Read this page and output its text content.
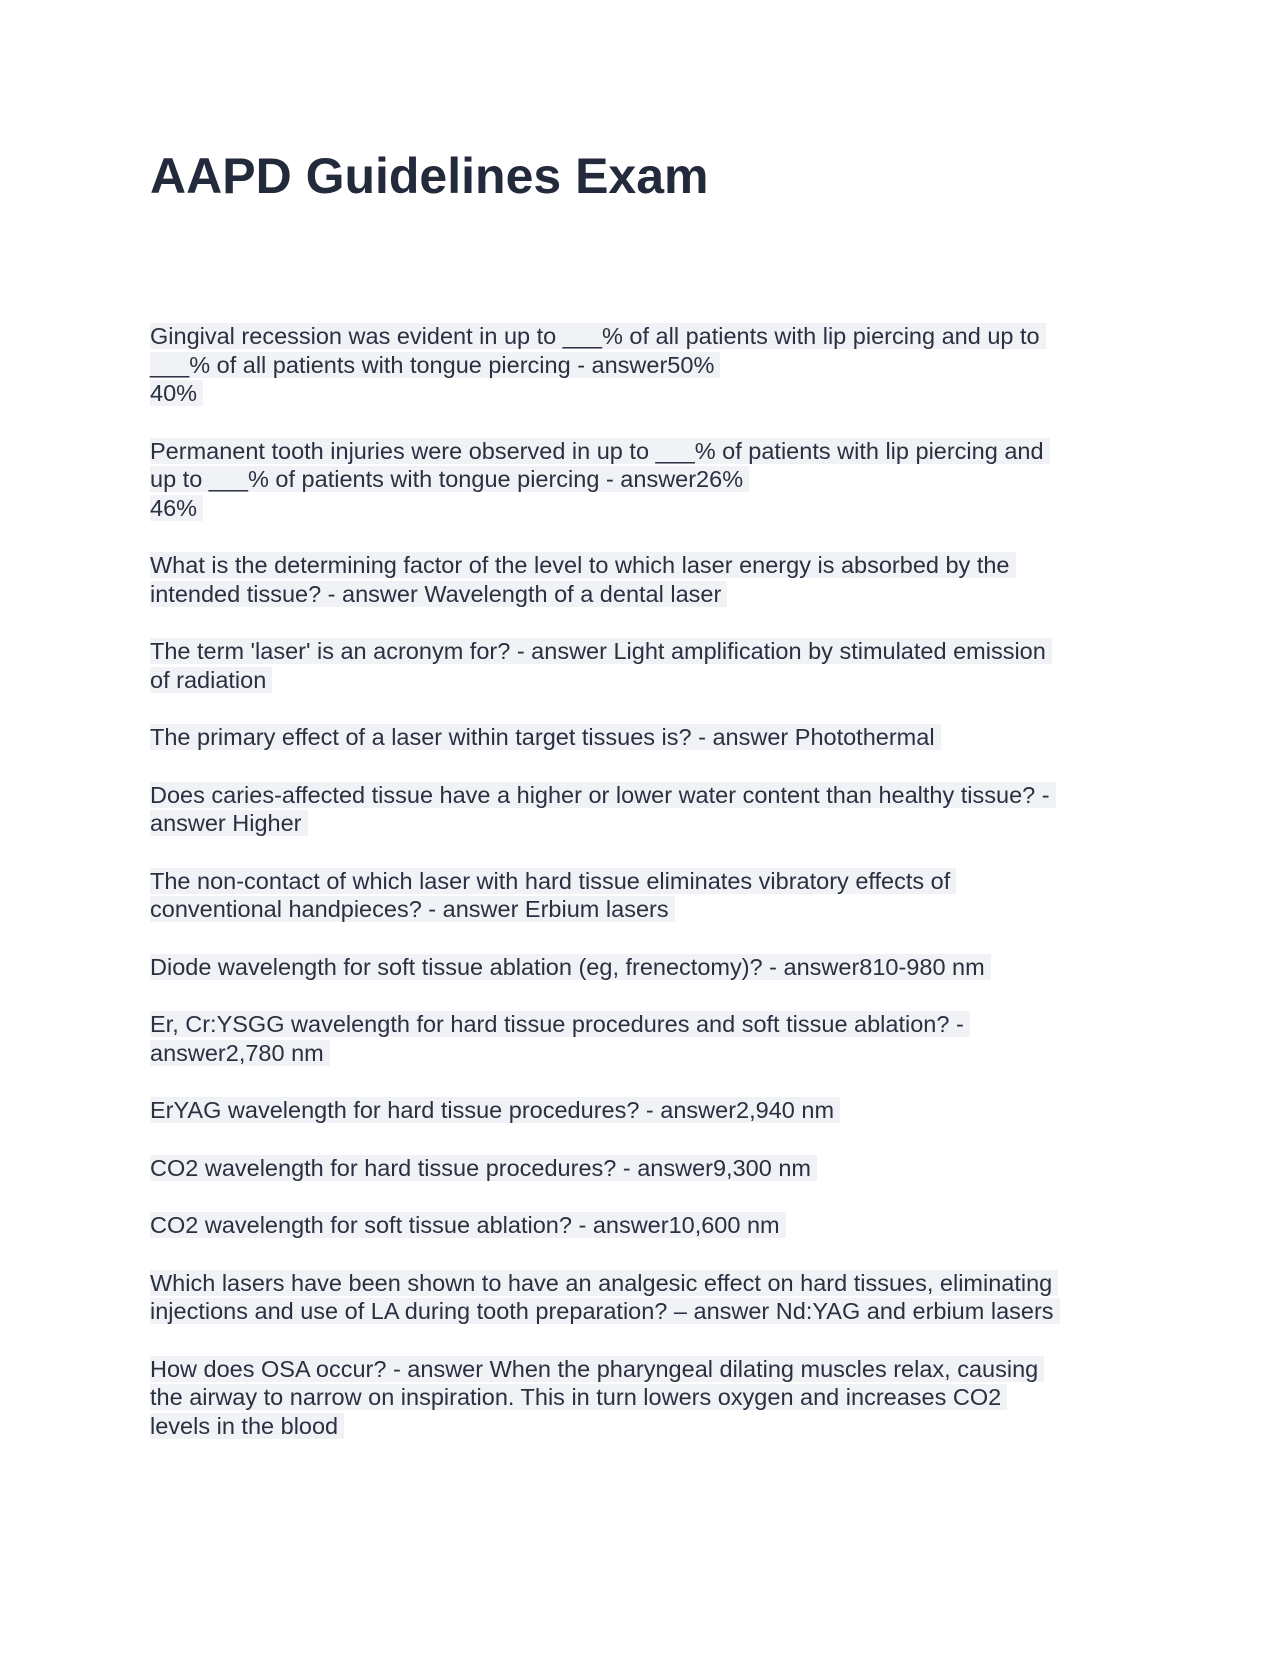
AAPD Guidelines Exam

Gingival recession was evident in up to ___% of all patients with lip piercing and up to
___% of all patients with tongue piercing - answer50%
40%

Permanent tooth injuries were observed in up to ___% of patients with lip piercing and
up to ___% of patients with tongue piercing - answer26%
46%

What is the determining factor of the level to which laser energy is absorbed by the
intended tissue? - answer Wavelength of a dental laser

The term 'laser' is an acronym for? - answer Light amplification by stimulated emission
of radiation

The primary effect of a laser within target tissues is? - answer Photothermal

Does caries-affected tissue have a higher or lower water content than healthy tissue? -
answer Higher

The non-contact of which laser with hard tissue eliminates vibratory effects of
conventional handpieces? - answer Erbium lasers

Diode wavelength for soft tissue ablation (eg, frenectomy)? - answer810-980 nm

Er, Cr:YSGG wavelength for hard tissue procedures and soft tissue ablation? -
answer2,780 nm

ErYAG wavelength for hard tissue procedures? - answer2,940 nm

CO2 wavelength for hard tissue procedures? - answer9,300 nm

CO2 wavelength for soft tissue ablation? - answer10,600 nm

Which lasers have been shown to have an analgesic effect on hard tissues, eliminating
injections and use of LA during tooth preparation? – answer Nd:YAG and erbium lasers

How does OSA occur? - answer When the pharyngeal dilating muscles relax, causing
the airway to narrow on inspiration. This in turn lowers oxygen and increases CO2
levels in the blood
